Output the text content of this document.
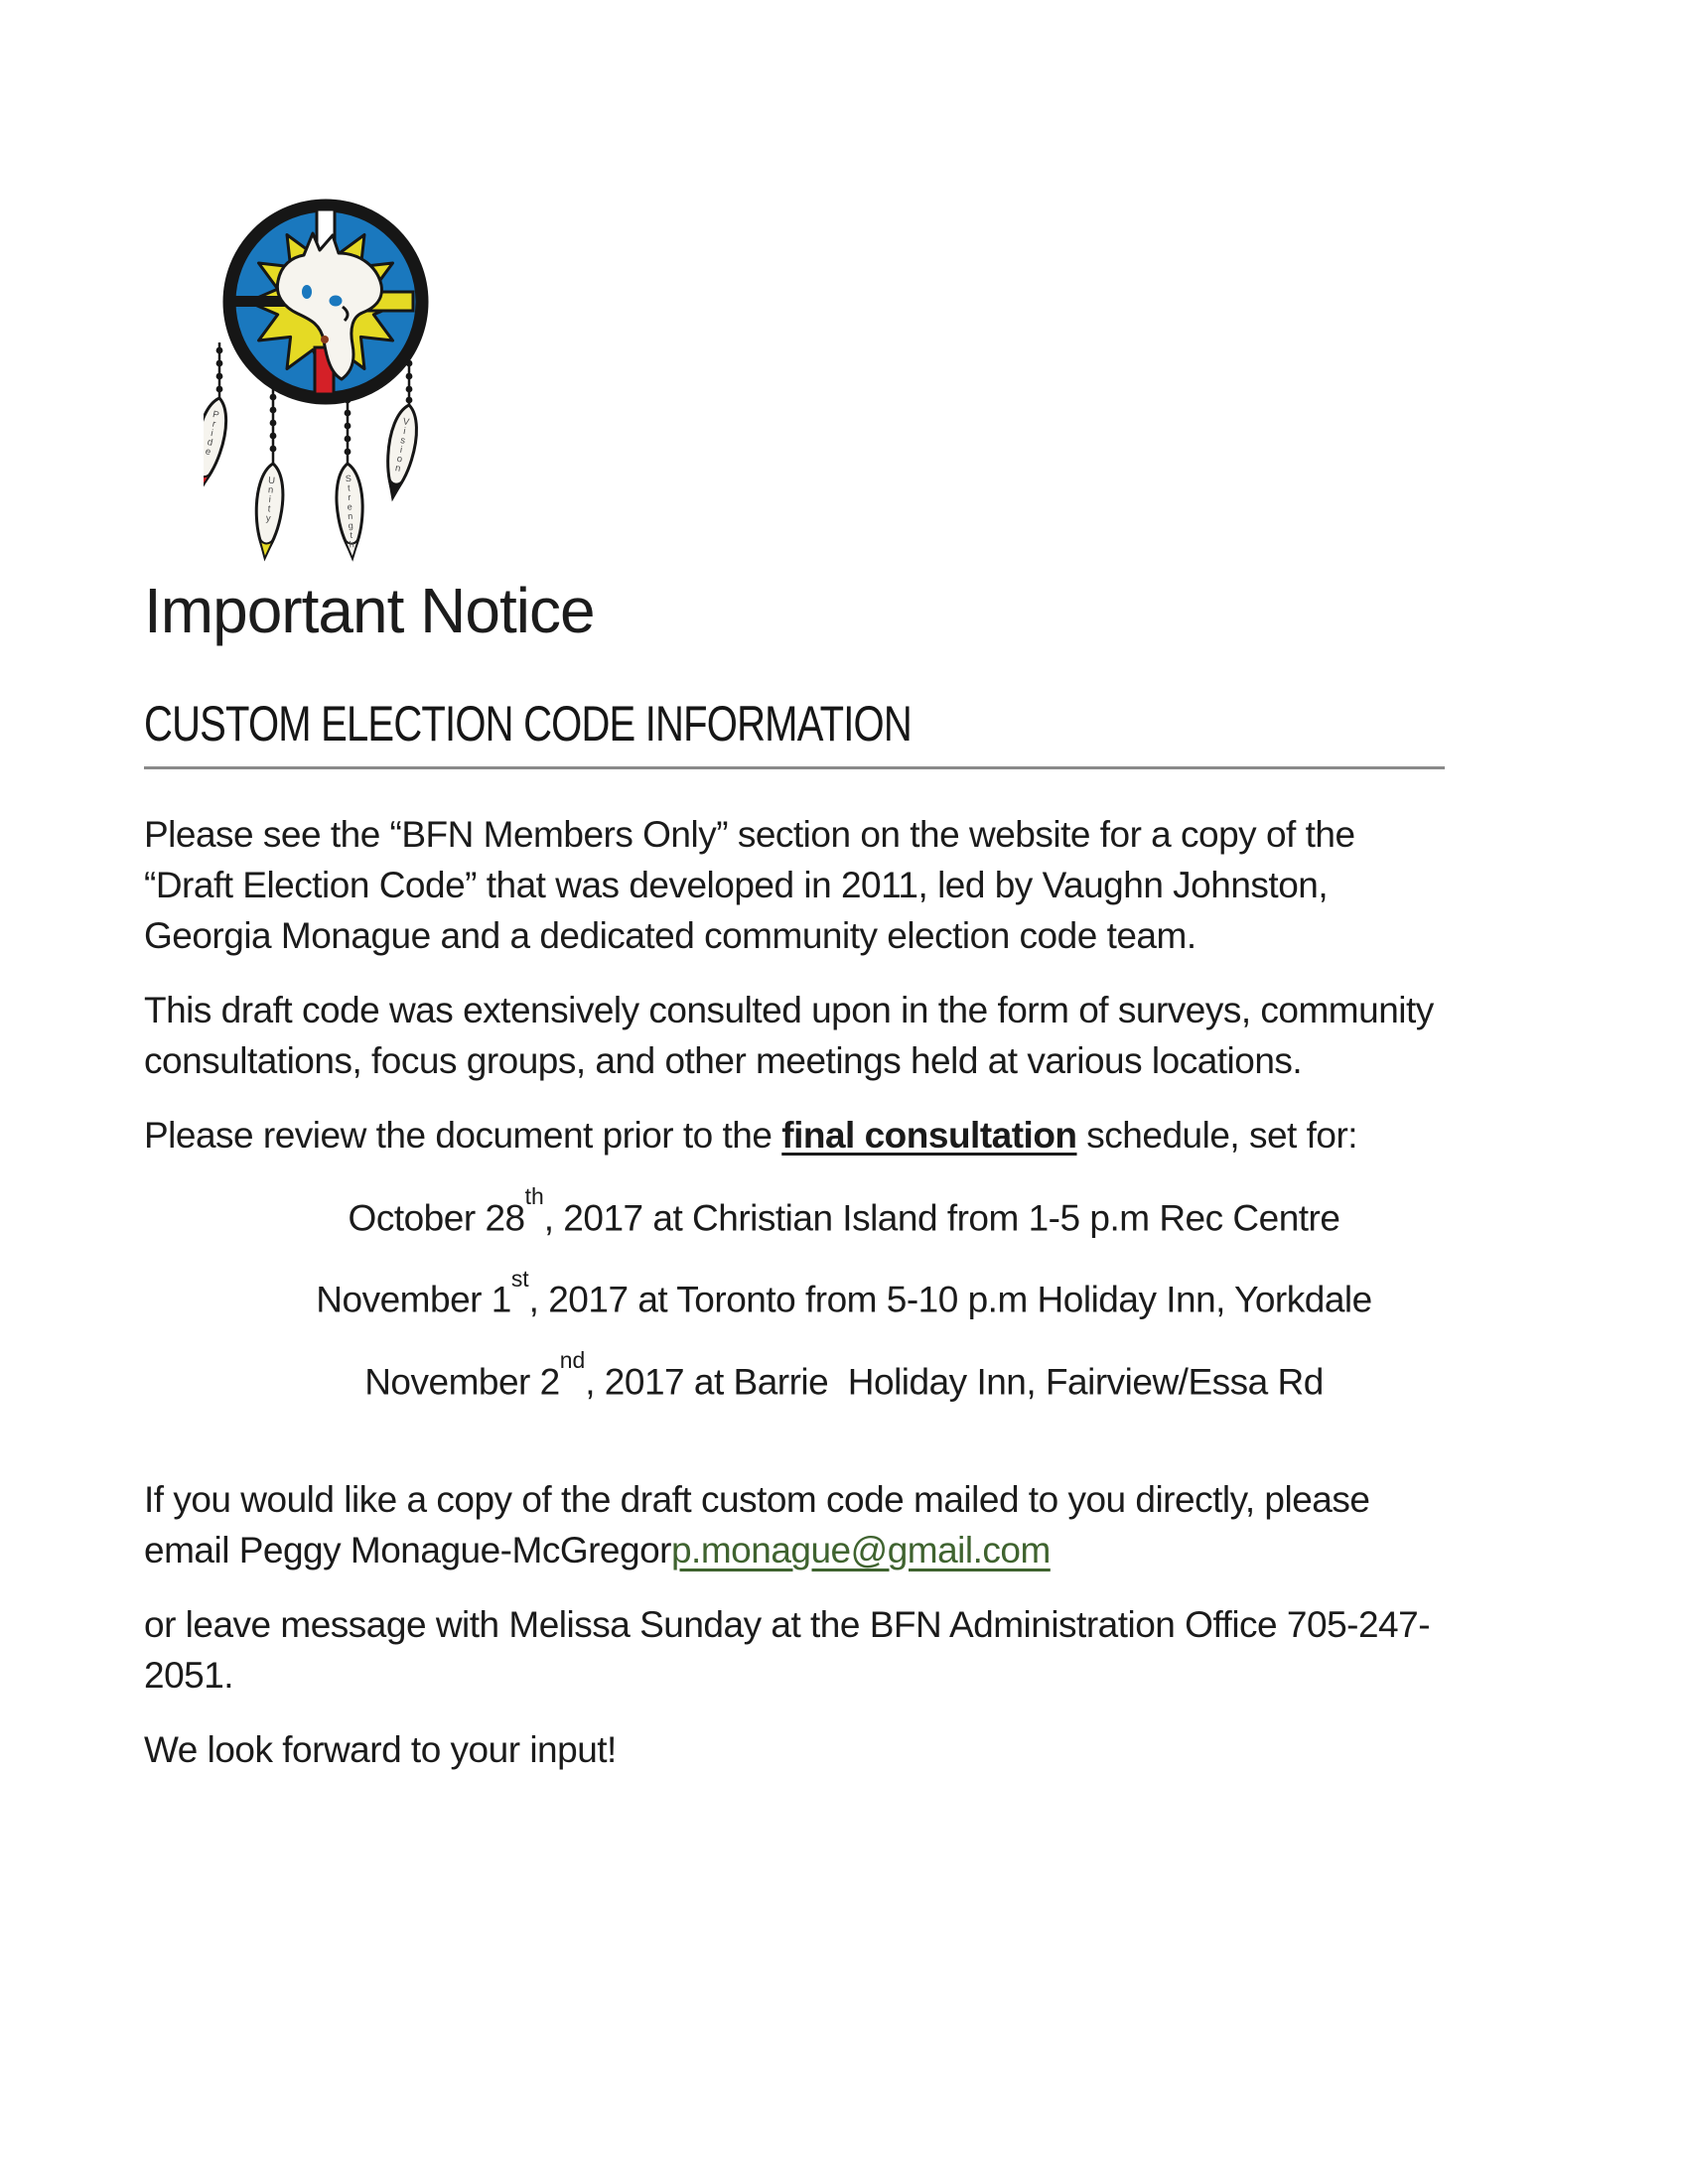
Pride
Unity
Strength
Vision
Important Notice
CUSTOM ELECTION CODE INFORMATION
Please see the “BFN Members Only” section on the website for a copy of the
“Draft Election Code” that was developed in 2011, led by Vaughn Johnston,
Georgia Monague and a dedicated community election code team.
This draft code was extensively consulted upon in the form of surveys, community
consultations, focus groups, and other meetings held at various locations.
Please review the document prior to the final consultation schedule, set for:
October 28th, 2017 at Christian Island from 1-5 p.m Rec Centre
November 1st, 2017 at Toronto from 5-10 p.m Holiday Inn, Yorkdale
November 2nd, 2017 at Barrie  Holiday Inn, Fairview/Essa Rd
If you would like a copy of the draft custom code mailed to you directly, please
email Peggy Monague-McGregorp.monague@gmail.com
or leave message with Melissa Sunday at the BFN Administration Office 705-247-
2051.
We look forward to your input!
